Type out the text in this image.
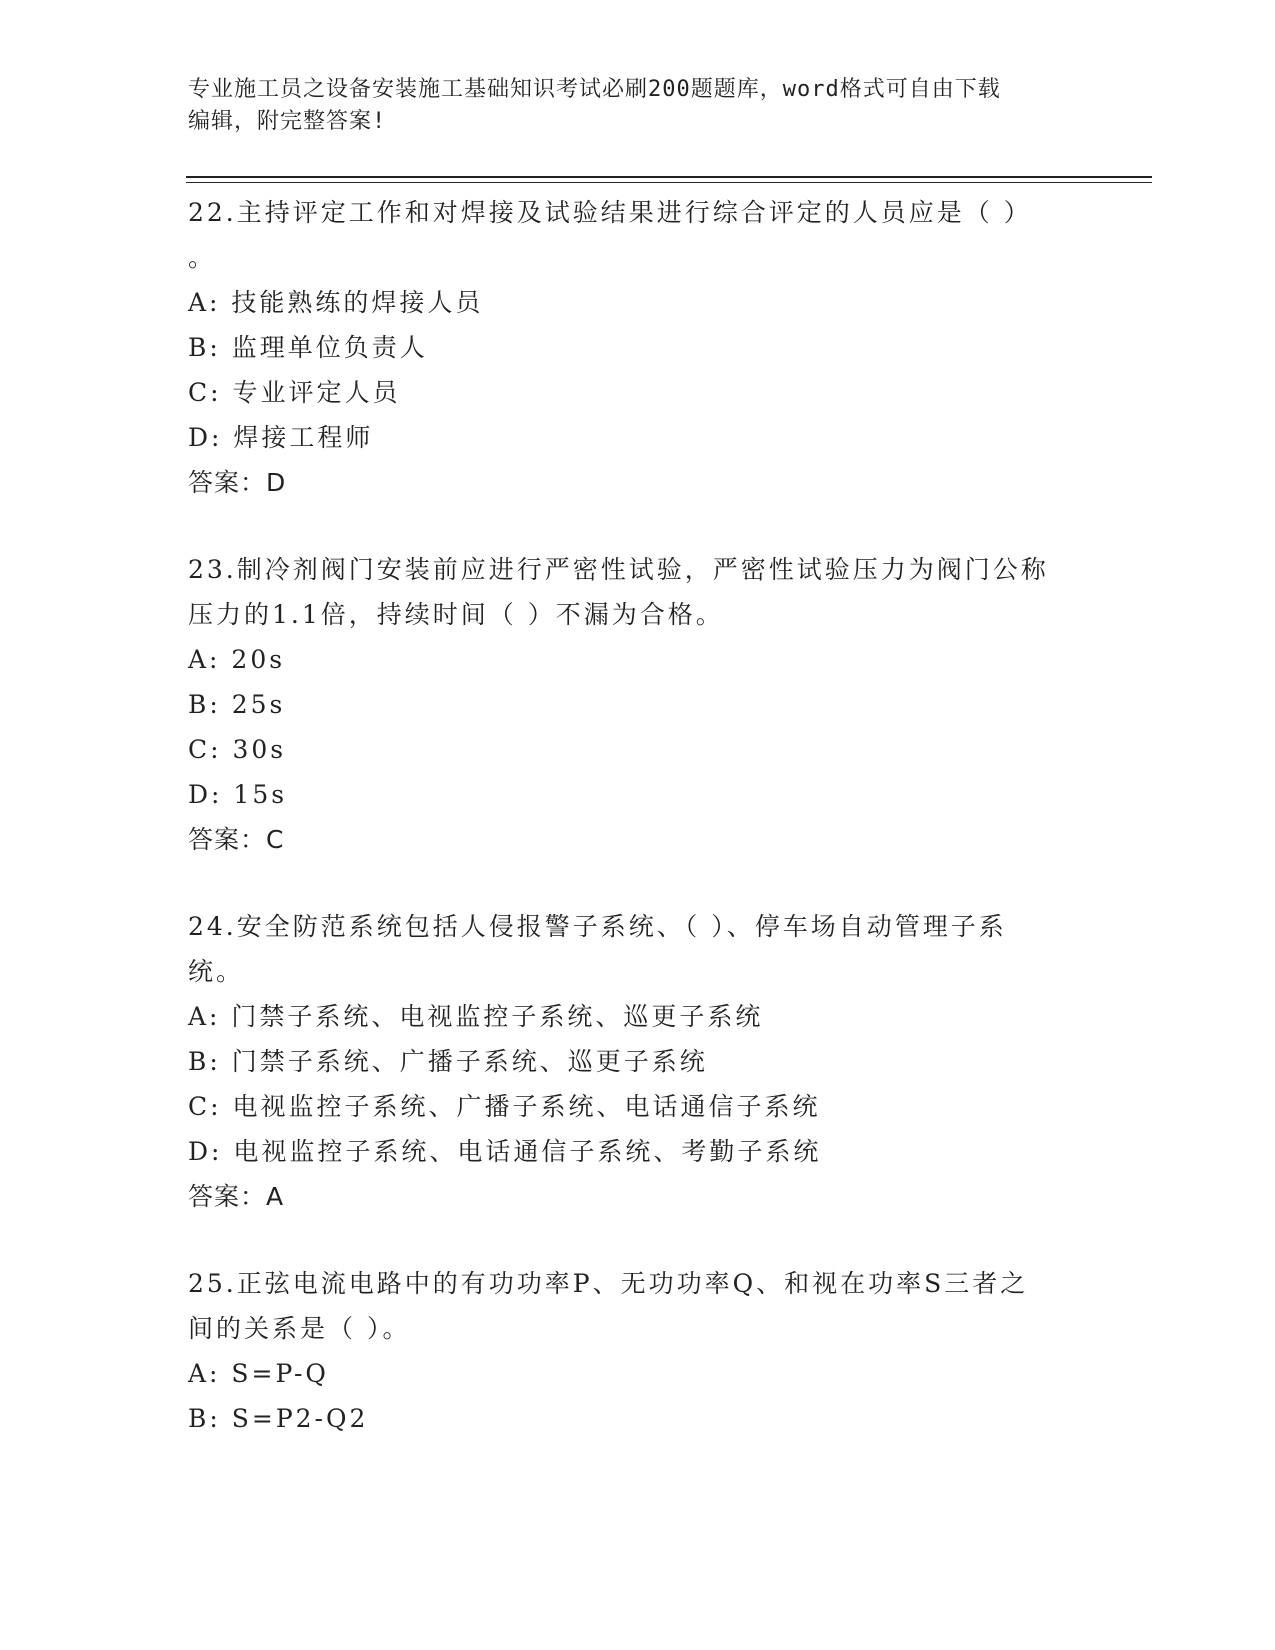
专业施工员之设备安装施工基础知识考试必刷200题题库，word格式可自由下载
编辑，附完整答案!
22.主持评定工作和对焊接及试验结果进行综合评定的人员应是（ ）
。
A: 技能熟练的焊接人员
B: 监理单位负责人
C: 专业评定人员
D: 焊接工程师
答案：D
23.制冷剂阀门安装前应进行严密性试验，严密性试验压力为阀门公称
压力的1.1倍，持续时间（ ）不漏为合格。
A: 20s
B: 25s
C: 30s
D: 15s
答案：C
24.安全防范系统包括人侵报警子系统、（ ）、停车场自动管理子系
统。
A: 门禁子系统、电视监控子系统、巡更子系统
B: 门禁子系统、广播子系统、巡更子系统
C: 电视监控子系统、广播子系统、电话通信子系统
D: 电视监控子系统、电话通信子系统、考勤子系统
答案：A
25.正弦电流电路中的有功功率P、无功功率Q、和视在功率S三者之
间的关系是（ ）。
A: S=P-Q
B: S=P2-Q2
